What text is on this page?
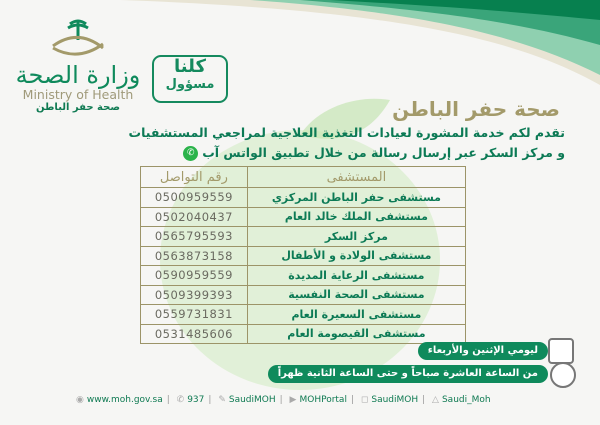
وزارة الصحة
Ministry of Health
صحة حفر الباطن
كلنا
مسؤول
صحة حفر الباطن
تقدم لكم خدمة المشورة لعيادات التغذية العلاجية لمراجعي المستشفيات
و مركز السكر عبر إرسال رسالة من خلال تطبيق الواتس آب✆
المستشفى	رقم التواصل
مستشفى حفر الباطن المركزي	0500959559
مستشفى الملك خالد العام	0502040437
مركز السكر	0565795593
مستشفى الولادة و الأطفال	0563873158
مستشفى الرعاية المديدة	0590959559
مستشفى الصحة النفسية	0509399393
مستشفى السعيرة العام	0559731831
مستشفى القيصومة العام	0531485606
ليومي الإثنين والأربعاء
من الساعة العاشرة صباحاً و حتى الساعة الثانية ظهراً
◉ www.moh.gov.sa | ✆ 937 | ✎ SaudiMOH | ▶ MOHPortal | ◻ SaudiMOH | △ Saudi_Moh
